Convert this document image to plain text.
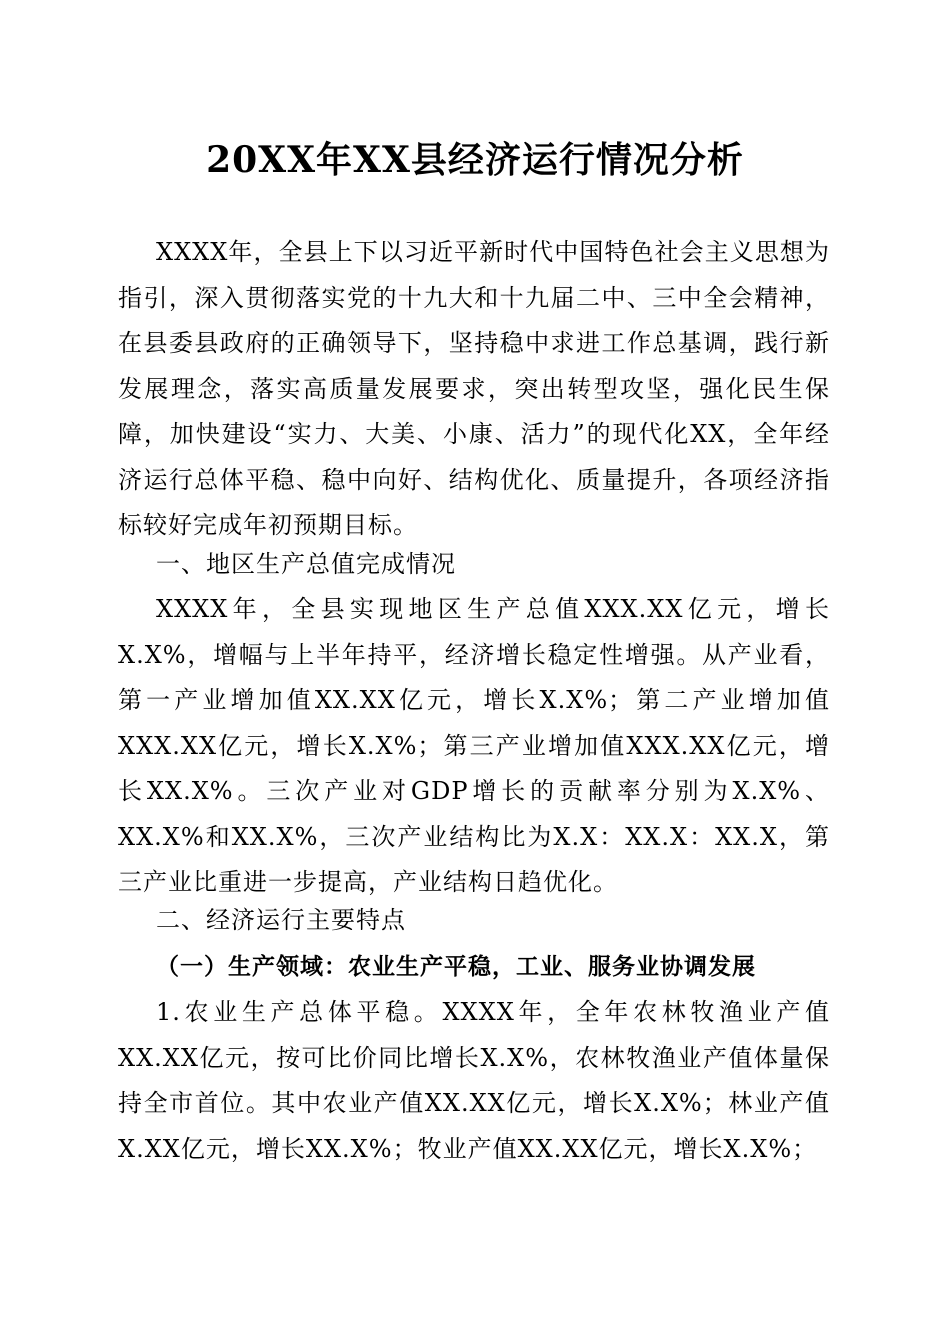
20XX年XX县经济运行情况分析
XXXX年，全县上下以习近平新时代中国特色社会主义思想为指引，深入贯彻落实党的十九大和十九届二中、三中全会精神，在县委县政府的正确领导下，坚持稳中求进工作总基调，践行新发展理念，落实高质量发展要求，突出转型攻坚，强化民生保障，加快建设“实力、大美、小康、活力”的现代化XX，全年经济运行总体平稳、稳中向好、结构优化、质量提升，各项经济指标较好完成年初预期目标。
一、地区生产总值完成情况
XXXX年，全县实现地区生产总值XXX.XX亿元，增长X.X%，增幅与上半年持平，经济增长稳定性增强。从产业看，第一产业增加值XX.XX亿元，增长X.X%；第二产业增加值XXX.XX亿元，增长X.X%；第三产业增加值XXX.XX亿元，增长XX.X%。三次产业对GDP增长的贡献率分别为X.X%、XX.X%和XX.X%，三次产业结构比为X.X：XX.X：XX.X，第三产业比重进一步提高，产业结构日趋优化。
二、经济运行主要特点
（一）生产领域：农业生产平稳，工业、服务业协调发展
1.农业生产总体平稳。XXXX年，全年农林牧渔业产值XX.XX亿元，按可比价同比增长X.X%，农林牧渔业产值体量保持全市首位。其中农业产值XX.XX亿元，增长X.X%；林业产值X.XX亿元，增长XX.X%；牧业产值XX.XX亿元，增长X.X%；
